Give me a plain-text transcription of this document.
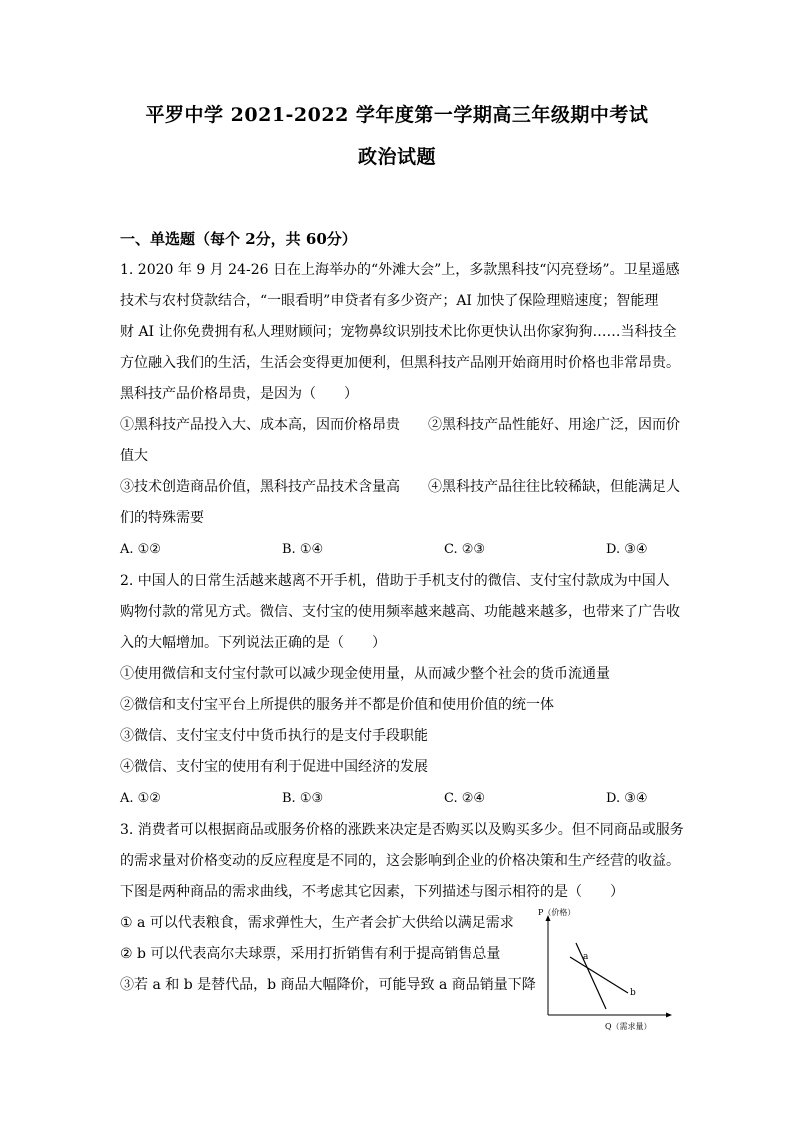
平罗中学 2021-2022 学年度第一学期高三年级期中考试
政治试题
一、单选题（每个 2分，共 60分）
1. 2020 年 9 月 24-26 日在上海举办的“外滩大会”上，多款黑科技“闪亮登场”。卫星遥感
技术与农村贷款结合，“一眼看明”申贷者有多少资产；AI 加快了保险理赔速度；智能理
财 AI 让你免费拥有私人理财顾问；宠物鼻纹识别技术比你更快认出你家狗狗……当科技全
方位融入我们的生活，生活会变得更加便利，但黑科技产品刚开始商用时价格也非常昂贵。
黑科技产品价格昂贵，是因为（　　）
①黑科技产品投入大、成本高，因而价格昂贵　　②黑科技产品性能好、用途广泛，因而价
值大
③技术创造商品价值，黑科技产品技术含量高　　④黑科技产品往往比较稀缺，但能满足人
们的特殊需要
A. ①②	B. ①④	C. ②③	D. ③④
2. 中国人的日常生活越来越离不开手机，借助于手机支付的微信、支付宝付款成为中国人
购物付款的常见方式。微信、支付宝的使用频率越来越高、功能越来越多，也带来了广告收
入的大幅增加。下列说法正确的是（　　）
①使用微信和支付宝付款可以减少现金使用量，从而减少整个社会的货币流通量
②微信和支付宝平台上所提供的服务并不都是价值和使用价值的统一体
③微信、支付宝支付中货币执行的是支付手段职能
④微信、支付宝的使用有利于促进中国经济的发展
A. ①②	B. ①③	C. ②④	D. ③④
3. 消费者可以根据商品或服务价格的涨跌来决定是否购买以及购买多少。但不同商品或服务
的需求量对价格变动的反应程度是不同的，这会影响到企业的价格决策和生产经营的收益。
下图是两种商品的需求曲线，不考虑其它因素，下列描述与图示相符的是（　　）
① a 可以代表粮食，需求弹性大，生产者会扩大供给以满足需求
② b 可以代表高尔夫球票，采用打折销售有利于提高销售总量
③若 a 和 b 是替代品，b 商品大幅降价，可能导致 a 商品销量下降
P（价格）
Q（需求量）
a
b
